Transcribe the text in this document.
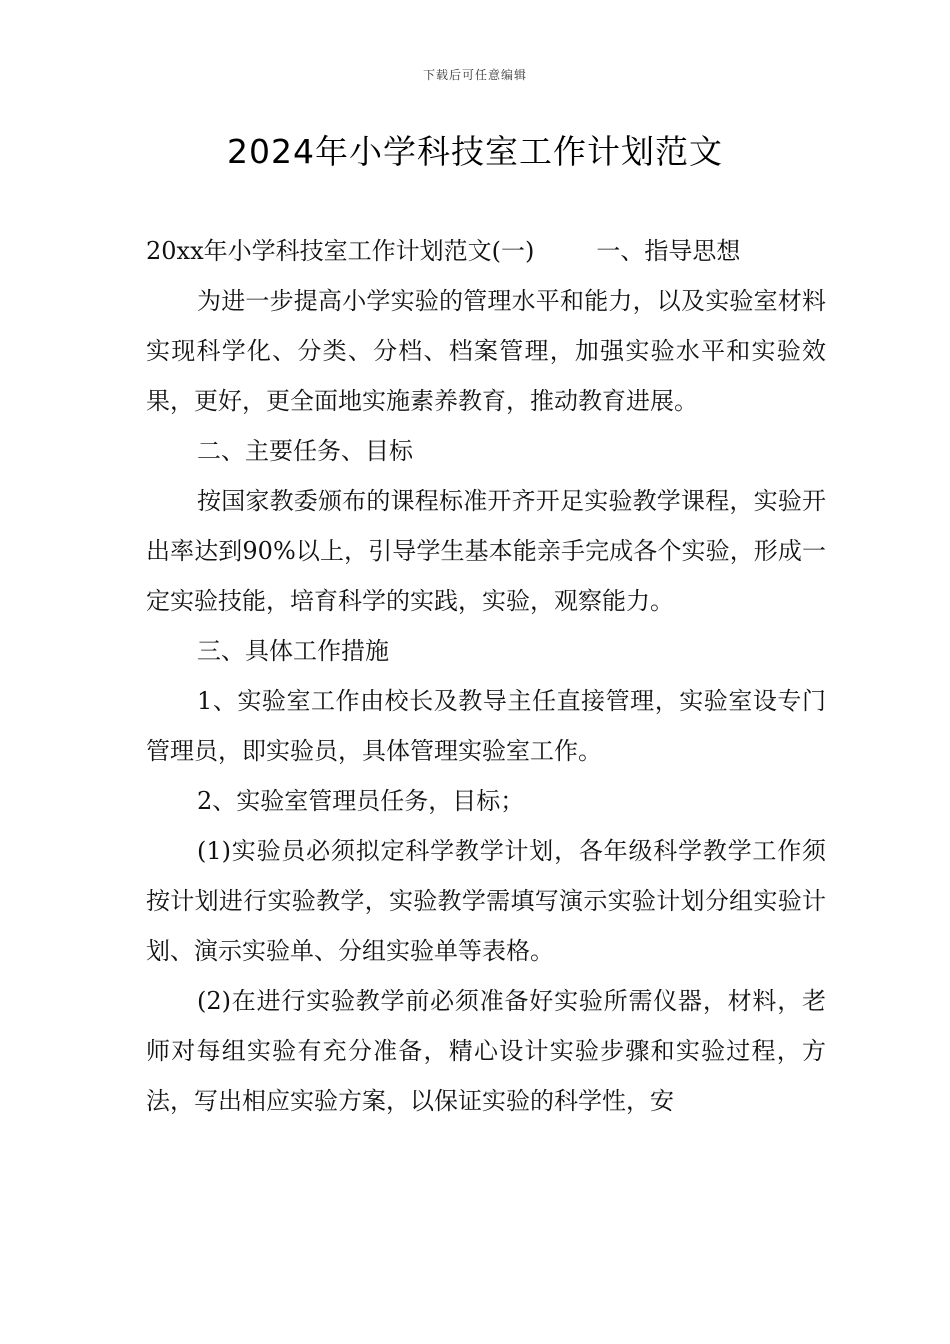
下载后可任意编辑
2024年小学科技室工作计划范文

20xx年小学科技室工作计划范文(一)	一、指导思想

为进一步提高小学实验的管理水平和能力，以及实验室材料实现科学化、分类、分档、档案管理，加强实验水平和实验效果，更好，更全面地实施素养教育，推动教育进展。

二、主要任务、目标

按国家教委颁布的课程标准开齐开足实验教学课程，实验开出率达到90%以上，引导学生基本能亲手完成各个实验，形成一定实验技能，培育科学的实践，实验，观察能力。

三、具体工作措施

1、实验室工作由校长及教导主任直接管理，实验室设专门管理员，即实验员，具体管理实验室工作。

2、实验室管理员任务，目标；

(1)实验员必须拟定科学教学计划，各年级科学教学工作须按计划进行实验教学，实验教学需填写演示实验计划分组实验计划、演示实验单、分组实验单等表格。

(2)在进行实验教学前必须准备好实验所需仪器，材料，老师对每组实验有充分准备，精心设计实验步骤和实验过程，方法，写出相应实验方案，以保证实验的科学性，安
